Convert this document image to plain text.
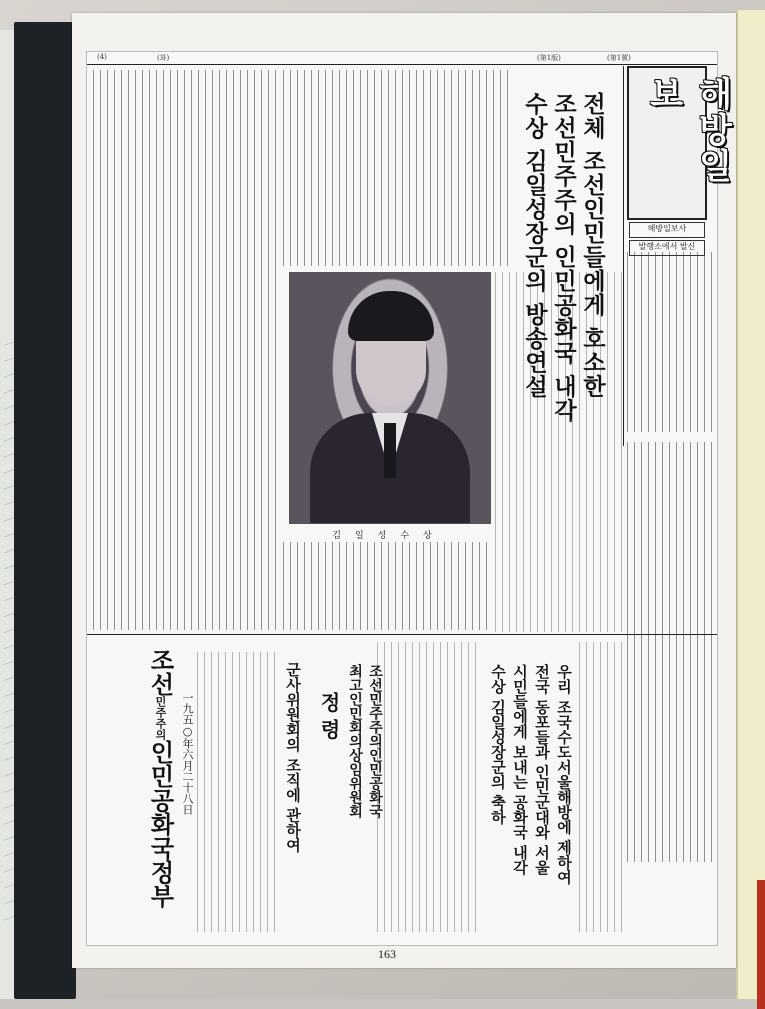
(4)	(화)	(第1版)	(第1號)
해방일보
해방일보사
발행소에서 발신
전체 조선인민들에게 호소한
조선민주주의 인민공화국 내각
수상 김일성장군의 방송연설
김일성수상
조선민주주의인민공화국정부 一九五○年六月二十八日	군사위원회의 조직에 관하여 정 령	조선민주주의인민공화국
최고인민회의상임위원회	우리 조국수도서울해방에 제하여
전국 동포들과 인민군대와 서울
시민들에게 보내는 공화국 내각
수상 김일성장군의 축하
163
